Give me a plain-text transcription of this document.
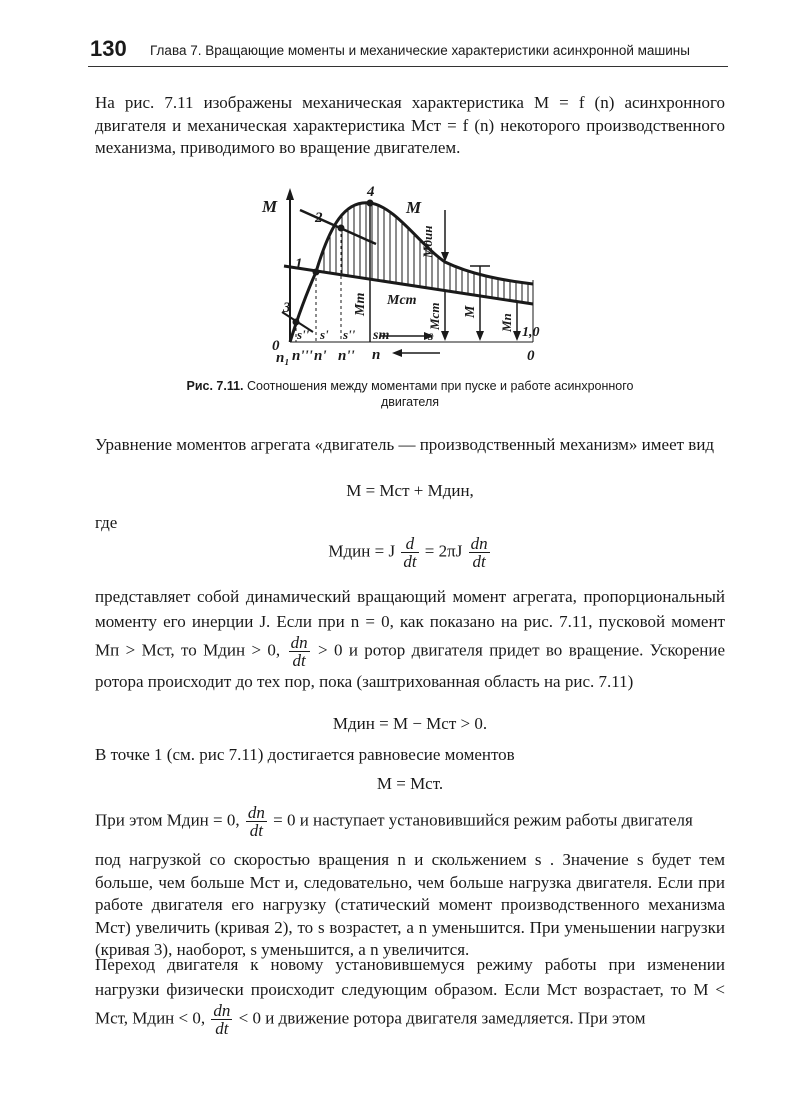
130 Глава 7. Вращающие моменты и механические характеристики асинхронной машины
На рис. 7.11 изображены механическая характеристика M = f (n) асинхронного двигателя и механическая характеристика Mст = f (n) некоторого производственного механизма, приводимого во вращение двигателем.
M
0
1
2
3
4
M
Mдин
Mm Mст
Mст M
Mn
s'' s' s'' sm	s	1,0
0
n
n₁ n''' n' n''
Рис. 7.11. Соотношения между моментами при пуске и работе асинхронного двигателя
Уравнение моментов агрегата «двигатель — производственный механизм» имеет вид
M = Mст + Mдин,
где
Mдин = J $\frac{d}{dt} = 2\pi J \frac{dn}{dt}$
представляет собой динамический вращающий момент агрегата, пропорциональный моменту его инерции J. Если при n = 0, как показано на рис. 7.11, пусковой момент Mп > Mст, то Mдин > 0, $\frac{dn}{dt} > 0$ и ротор двигателя придет во вращение. Ускорение ротора происходит до тех пор, пока (заштрихованная область на рис. 7.11)
Mдин = M − Mст > 0.
В точке 1 (см. рис 7.11) достигается равновесие моментов
M = Mст.
При этом Mдин = 0, $\frac{dn}{dt} = 0$ и наступает установившийся режим работы двигателя
под нагрузкой со скоростью вращения n и скольжением s . Значение s будет тем больше, чем больше Mст и, следовательно, чем больше нагрузка двигателя. Если при работе двигателя его нагрузку (статический момент производственного механизма Mст) увеличить (кривая 2), то s возрастет, а n уменьшится. При уменьшении нагрузки (кривая 3), наоборот, s уменьшится, а n увеличится.
Переход двигателя к новому установившемуся режиму работы при изменении нагрузки физически происходит следующим образом. Если Mст возрастает, то M < Mст, Mдин < 0, $\frac{dn}{dt} < 0$ и движение ротора двигателя замедляется. При этом
